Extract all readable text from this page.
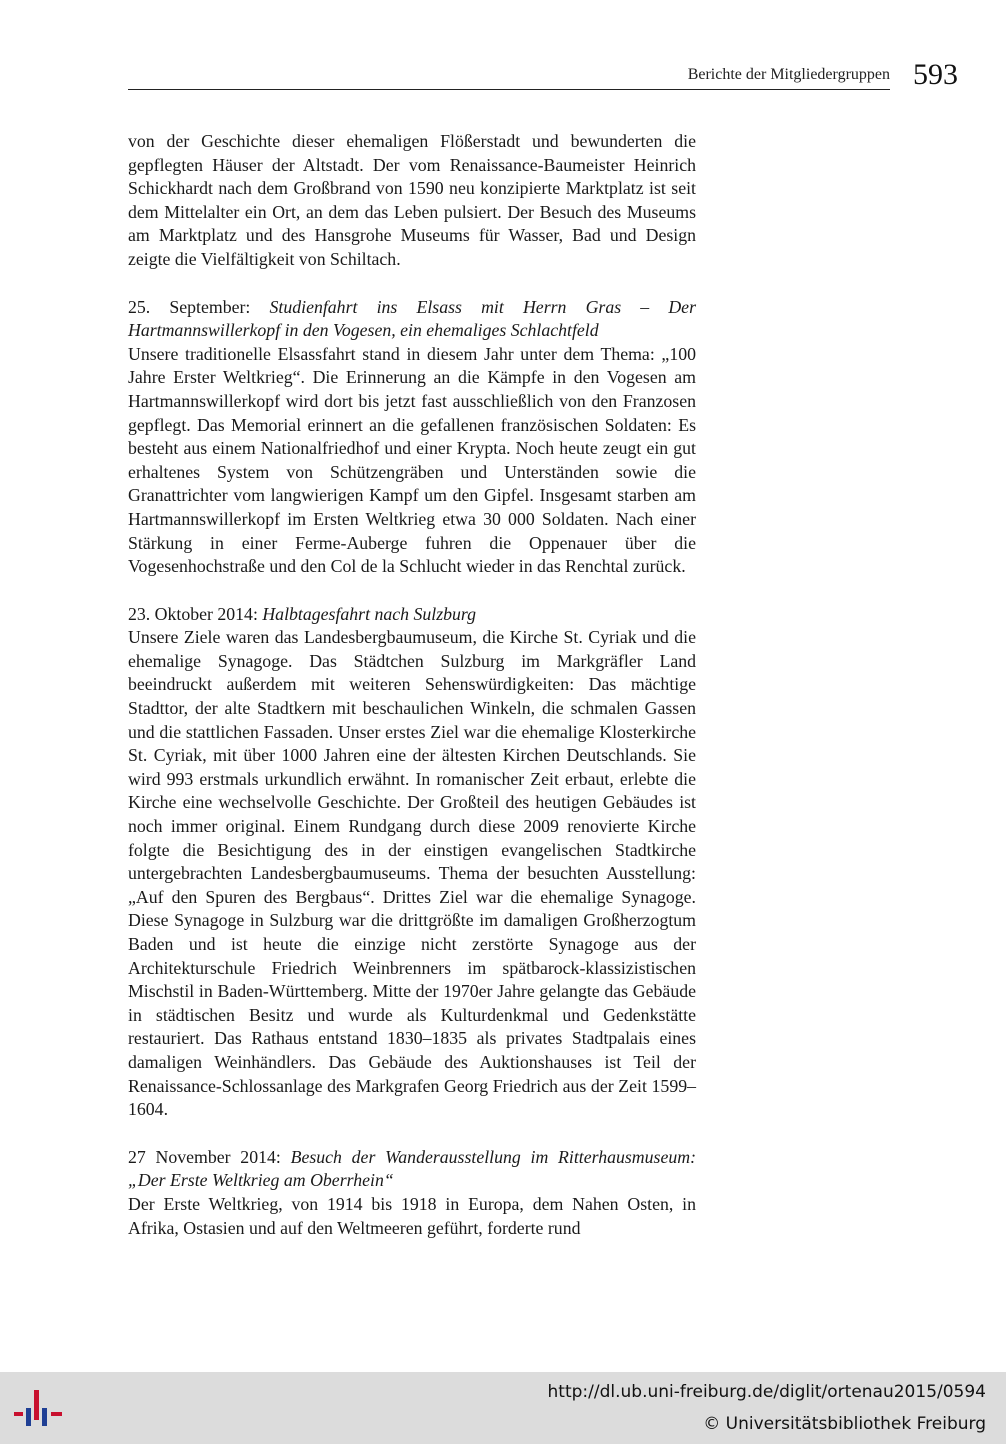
Berichte der Mitgliedergruppen 593

von der Geschichte dieser ehemaligen Flößerstadt und bewunderten die gepflegten Häuser der Altstadt. Der vom Renaissance-Baumeister Heinrich Schickhardt nach dem Großbrand von 1590 neu konzipierte Marktplatz ist seit dem Mittelalter ein Ort, an dem das Leben pulsiert. Der Besuch des Museums am Marktplatz und des Hansgrohe Museums für Wasser, Bad und Design zeigte die Vielfältigkeit von Schiltach.

25. September: Studienfahrt ins Elsass mit Herrn Gras – Der Hartmannswillerkopf in den Vogesen, ein ehemaliges Schlachtfeld

Unsere traditionelle Elsassfahrt stand in diesem Jahr unter dem Thema: „100 Jahre Erster Weltkrieg“. Die Erinnerung an die Kämpfe in den Vogesen am Hartmannswillerkopf wird dort bis jetzt fast ausschließlich von den Franzosen gepflegt. Das Memorial erinnert an die gefallenen französischen Soldaten: Es besteht aus einem Nationalfriedhof und einer Krypta. Noch heute zeugt ein gut erhaltenes System von Schützengräben und Unterständen sowie die Granattrichter vom langwierigen Kampf um den Gipfel. Insgesamt starben am Hartmannswillerkopf im Ersten Weltkrieg etwa 30 000 Soldaten. Nach einer Stärkung in einer Ferme-Auberge fuhren die Oppenauer über die Vogesenhochstraße und den Col de la Schlucht wieder in das Renchtal zurück.

23. Oktober 2014: Halbtagesfahrt nach Sulzburg

Unsere Ziele waren das Landesbergbaumuseum, die Kirche St. Cyriak und die ehemalige Synagoge. Das Städtchen Sulzburg im Markgräfler Land beeindruckt außerdem mit weiteren Sehenswürdigkeiten: Das mächtige Stadttor, der alte Stadtkern mit beschaulichen Winkeln, die schmalen Gassen und die stattlichen Fassaden. Unser erstes Ziel war die ehemalige Klosterkirche St. Cyriak, mit über 1000 Jahren eine der ältesten Kirchen Deutschlands. Sie wird 993 erstmals urkundlich erwähnt. In romanischer Zeit erbaut, erlebte die Kirche eine wechselvolle Geschichte. Der Großteil des heutigen Gebäudes ist noch immer original. Einem Rundgang durch diese 2009 renovierte Kirche folgte die Besichtigung des in der einstigen evangelischen Stadtkirche untergebrachten Landesbergbaumuseums. Thema der besuchten Ausstellung: „Auf den Spuren des Bergbaus“. Drittes Ziel war die ehemalige Synagoge. Diese Synagoge in Sulzburg war die drittgrößte im damaligen Großherzogtum Baden und ist heute die einzige nicht zerstörte Synagoge aus der Architekturschule Friedrich Weinbrenners im spätbarock-klassizistischen Mischstil in Baden-Württemberg. Mitte der 1970er Jahre gelangte das Gebäude in städtischen Besitz und wurde als Kulturdenkmal und Gedenkstätte restauriert. Das Rathaus entstand 1830–1835 als privates Stadtpalais eines damaligen Weinhändlers. Das Gebäude des Auktionshauses ist Teil der Renaissance-Schlossanlage des Markgrafen Georg Friedrich aus der Zeit 1599–1604.

27 November 2014: Besuch der Wanderausstellung im Ritterhausmuseum: „Der Erste Weltkrieg am Oberrhein“

Der Erste Weltkrieg, von 1914 bis 1918 in Europa, dem Nahen Osten, in Afrika, Ostasien und auf den Weltmeeren geführt, forderte rund

http://dl.ub.uni-freiburg.de/diglit/ortenau2015/0594
© Universitätsbibliothek Freiburg
